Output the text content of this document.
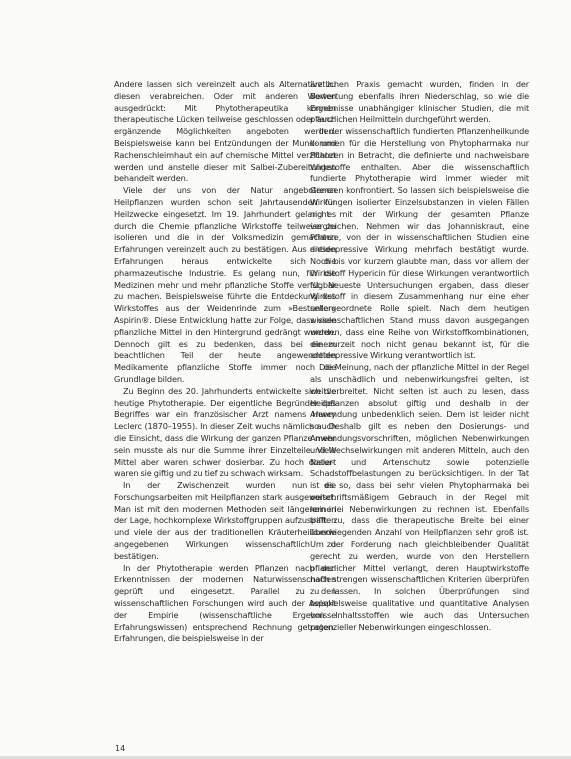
Andere lassen sich vereinzelt auch als Alternative zu diesen verabreichen. Oder mit anderen Worten ausgedrückt: Mit Phytotherapeutika können therapeutische Lücken teilweise geschlossen oder auch ergänzende Möglichkeiten angeboten werden. Beispielsweise kann bei Entzündungen der Mund- und Rachenschleimhaut ein auf chemische Mittel verzichtet werden und anstelle dieser mit Salbei-Zubereitungen behandelt werden.

Viele der uns von der Natur angebotenen Heilpflanzen wurden schon seit Jahrtausenden für Heilzwecke eingesetzt. Im 19. Jahrhundert gelang es durch die Chemie pflanzliche Wirkstoffe teilweise zu isolieren und die in der Volksmedizin gemachten Erfahrungen vereinzelt auch zu bestätigen. Aus diesen Erfahrungen heraus entwickelte sich die pharmazeutische Industrie. Es gelang nun, für die Medizinen mehr und mehr pflanzliche Stoffe verfügbar zu machen. Beispielsweise führte die Entdeckung des Wirkstoffes aus der Weidenrinde zum »Bestseller« Aspirin®. Diese Entwicklung hatte zur Folge, dass viele pflanzliche Mittel in den Hintergrund gedrängt wurden. Dennoch gilt es zu bedenken, dass bei einem beachtlichen Teil der heute angewendeten Medikamente pflanzliche Stoffe immer noch die Grundlage bilden.

Zu Beginn des 20. Jahrhunderts entwickelte sich die heutige Phytotherapie. Der eigentliche Begründer des Begriffes war ein französischer Arzt namens Henry Leclerc (1870–1955). In dieser Zeit wuchs nämlich auch die Einsicht, dass die Wirkung der ganzen Pflanze mehr sein musste als nur die Summe ihrer Einzelteile. Viele Mittel aber waren schwer dosierbar. Zu hoch dosiert waren sie giftig und zu tief zu schwach wirksam.

In der Zwischenzeit wurden nun die Forschungsarbeiten mit Heilpflanzen stark ausgeweitet. Man ist mit den modernen Methoden seit längerem in der Lage, hochkomplexe Wirkstoffgruppen aufzuspalten und viele der aus der traditionellen Kräuterheilkunde angegebenen Wirkungen wissenschaftlich zu bestätigen.

In der Phytotherapie werden Pflanzen nach den Erkenntnissen der modernen Naturwissenschaften geprüft und eingesetzt. Parallel zu den wissenschaftlichen Forschungen wird auch der Aspekt der Empirie (wissenschaftliche Ergebnisse Erfahrungswissen) entsprechend Rechnung getragen. Erfahrungen, die beispielsweise in der

ärztlichen Praxis gemacht wurden, finden in der Bewertung ebenfalls ihren Niederschlag, so wie die Ergebnisse unabhängiger klinischer Studien, die mit pflanzlichen Heilmitteln durchgeführt werden.

In der wissenschaftlich fundierten Pflanzenheilkunde kommen für die Herstellung von Phytopharmaka nur Pflanzen in Betracht, die definierte und nachweisbare Wirkstoffe enthalten. Aber die wissenschaftlich fundierte Phytotherapie wird immer wieder mit Grenzen konfrontiert. So lassen sich beispielsweise die Wirkungen isolierter Einzelsubstanzen in vielen Fällen nicht mit der Wirkung der gesamten Pflanze vergleichen. Nehmen wir das Johanniskraut, eine Pflanze, von der in wissenschaftlichen Studien eine antidepressive Wirkung mehrfach bestätigt wurde. Noch bis vor kurzem glaubte man, dass vor allem der Wirkstoff Hypericin für diese Wirkungen verantwortlich ist. Neueste Untersuchungen ergaben, dass dieser Wirkstoff in diesem Zusammenhang nur eine eher untergeordnete Rolle spielt. Nach dem heutigen wissenschaftlichen Stand muss davon ausgegangen werden, dass eine Reihe von Wirkstoffkombinationen, die zurzeit noch nicht genau bekannt ist, für die antidepressive Wirkung verantwortlich ist.

Die Meinung, nach der pflanzliche Mittel in der Regel als unschädlich und nebenwirkungsfrei gelten, ist weitverbreitet. Nicht selten ist auch zu lesen, dass Heilpflanzen absolut giftig und deshalb in der Anwendung unbedenklich seien. Dem ist leider nicht so. Deshalb gilt es neben den Dosierungs- und Anwendungsvorschriften, möglichen Nebenwirkungen und Wechselwirkungen mit anderen Mitteln, auch den Natur- und Artenschutz sowie potenzielle Schadstoffbelastungen zu berücksichtigen. In der Tat ist es so, dass bei sehr vielen Phytopharmaka bei vorschriftsmäßigem Gebrauch in der Regel mit keinerlei Nebenwirkungen zu rechnen ist. Ebenfalls trifft zu, dass die therapeutische Breite bei einer überwiegenden Anzahl von Heilpflanzen sehr groß ist. Um der Forderung nach gleichbleibender Qualität gerecht zu werden, wurde von den Herstellern pflanzlicher Mittel verlangt, deren Hauptwirkstoffe nach strengen wissenschaftlichen Kriterien überprüfen zu lassen. In solchen Überprüfungen sind beispielsweise qualitative und quantitative Analysen von Inhaltsstoffen wie auch das Untersuchen potenzieller Nebenwirkungen eingeschlossen.

14
